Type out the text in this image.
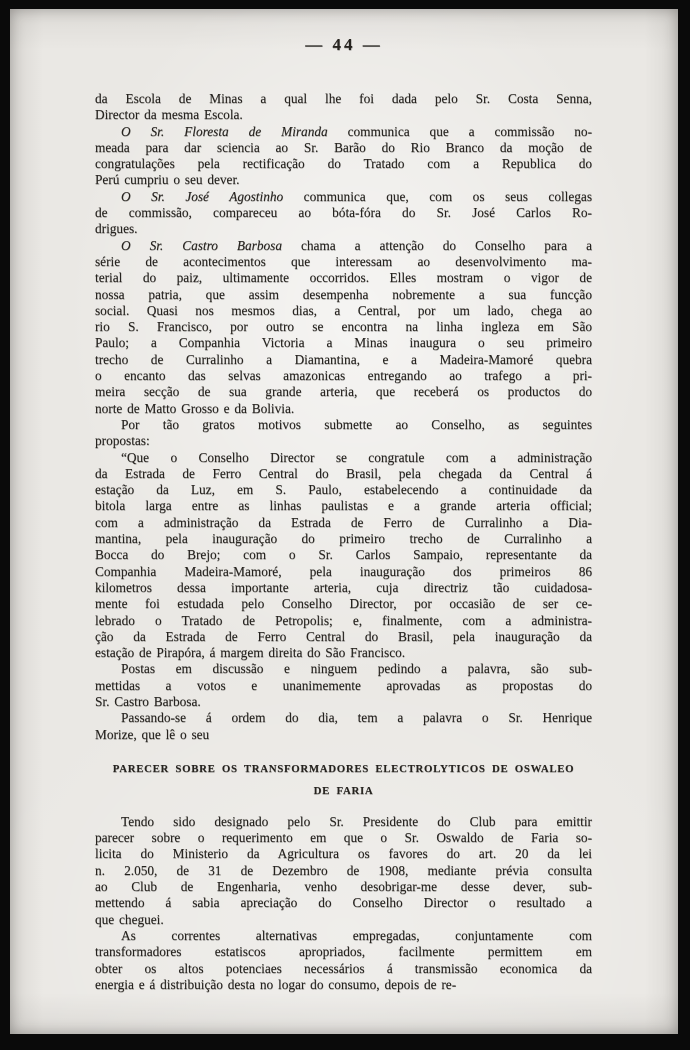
— 44 —
da Escola de Minas a qual lhe foi dada pelo Sr. Costa Senna,
Director da mesma Escola.
O Sr. Floresta de Miranda communica que a commissão no-
meada para dar sciencia ao Sr. Barão do Rio Branco da moção de
congratulações pela rectificação do Tratado com a Republica do
Perú cumpriu o seu dever.
O Sr. José Agostinho communica que, com os seus collegas
de commissão, compareceu ao bóta-fóra do Sr. José Carlos Ro-
drigues.
O Sr. Castro Barbosa chama a attenção do Conselho para a
série de acontecimentos que interessam ao desenvolvimento ma-
terial do paiz, ultimamente occorridos. Elles mostram o vigor de
nossa patria, que assim desempenha nobremente a sua funcção
social. Quasi nos mesmos dias, a Central, por um lado, chega ao
rio S. Francisco, por outro se encontra na linha ingleza em São
Paulo; a Companhia Victoria a Minas inaugura o seu primeiro
trecho de Curralinho a Diamantina, e a Madeira-Mamoré quebra
o encanto das selvas amazonicas entregando ao trafego a pri-
meira secção de sua grande arteria, que receberá os productos do
norte de Matto Grosso e da Bolivia.
Por tão gratos motivos submette ao Conselho, as seguintes
propostas:
“Que o Conselho Director se congratule com a administração
da Estrada de Ferro Central do Brasil, pela chegada da Central á
estação da Luz, em S. Paulo, estabelecendo a continuidade da
bitola larga entre as linhas paulistas e a grande arteria official;
com a administração da Estrada de Ferro de Curralinho a Dia-
mantina, pela inauguração do primeiro trecho de Curralinho a
Bocca do Brejo; com o Sr. Carlos Sampaio, representante da
Companhia Madeira-Mamoré, pela inauguração dos primeiros 86
kilometros dessa importante arteria, cuja directriz tão cuidadosa-
mente foi estudada pelo Conselho Director, por occasião de ser ce-
lebrado o Tratado de Petropolis; e, finalmente, com a administra-
ção da Estrada de Ferro Central do Brasil, pela inauguração da
estação de Pirapóra, á margem direita do São Francisco.
Postas em discussão e ninguem pedindo a palavra, são sub-
mettidas a votos e unanimemente aprovadas as propostas do
Sr. Castro Barbosa.
Passando-se á ordem do dia, tem a palavra o Sr. Henrique
Morize, que lê o seu
PARECER SOBRE OS TRANSFORMADORES ELECTROLYTICOS DE OSWALEO
DE FARIA
Tendo sido designado pelo Sr. Presidente do Club para emittir
parecer sobre o requerimento em que o Sr. Oswaldo de Faria so-
licita do Ministerio da Agricultura os favores do art. 20 da lei
n. 2.050, de 31 de Dezembro de 1908, mediante prévia consulta
ao Club de Engenharia, venho desobrigar-me desse dever, sub-
mettendo á sabia apreciação do Conselho Director o resultado a
que cheguei.
As correntes alternativas empregadas, conjuntamente com
transformadores estatiscos apropriados, facilmente permittem em
obter os altos potenciaes necessários á transmissão economica da
energia e á distribuição desta no logar do consumo, depois de re-
